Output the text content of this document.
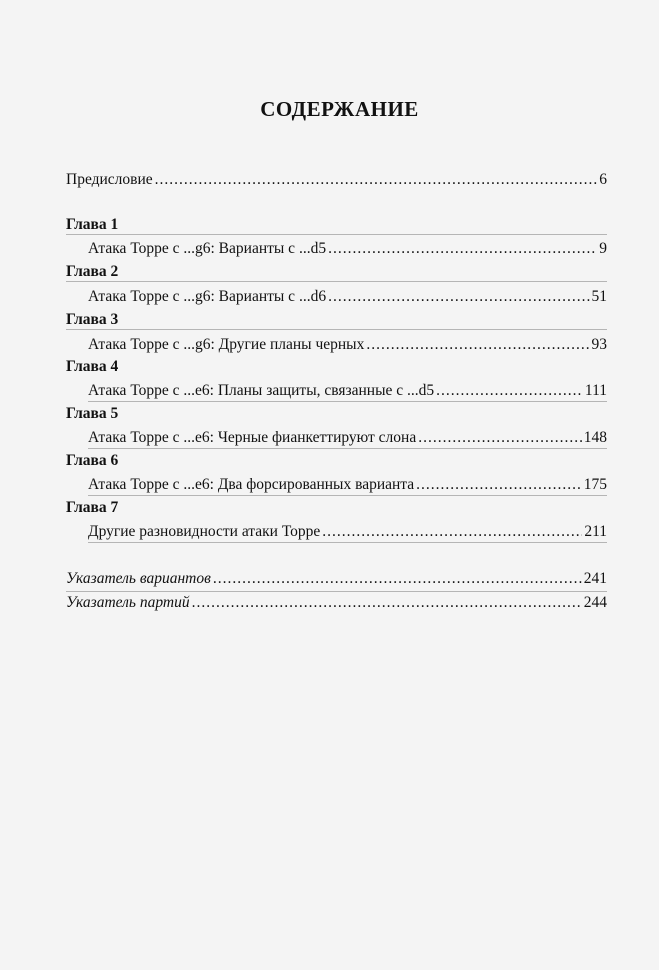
СОДЕРЖАНИЕ
Предисловие .....	6
Глава 1
Атака Торре с ...g6: Варианты с ...d5 .....	9
Глава 2
Атака Торре с ...g6: Варианты с ...d6 .....	51
Глава 3
Атака Торре с ...g6: Другие планы черных .....	93
Глава 4
Атака Торре с ...e6: Планы защиты, связанные с ...d5 .....	111
Глава 5
Атака Торре с ...e6: Черные фианкеттируют слона .....	148
Глава 6
Атака Торре с ...e6: Два форсированных варианта .....	175
Глава 7
Другие разновидности атаки Торре .....	211
Указатель вариантов .....	241
Указатель партий .....	244
